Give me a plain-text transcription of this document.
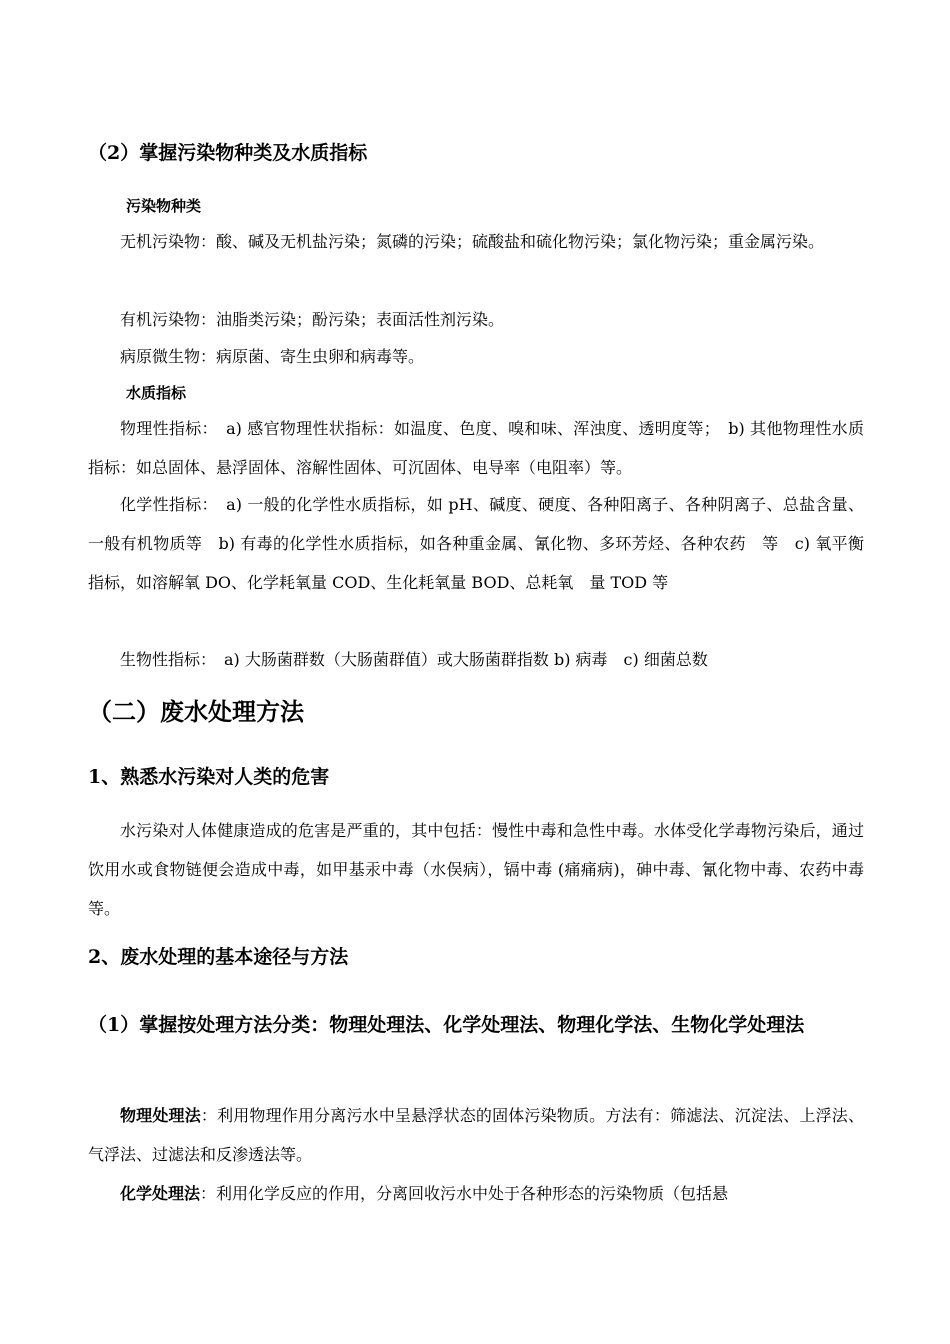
（2）掌握污染物种类及水质指标

污染物种类

无机污染物：酸、碱及无机盐污染；氮磷的污染；硫酸盐和硫化物污染；氯化物污染；重金属污染。

有机污染物：油脂类污染；酚污染；表面活性剂污染。

病原微生物：病原菌、寄生虫卵和病毒等。

水质指标

物理性指标：　a) 感官物理性状指标：如温度、色度、嗅和味、浑浊度、透明度等；　b) 其他物理性水质指标：如总固体、悬浮固体、溶解性固体、可沉固体、电导率（电阻率）等。

化学性指标：　a) 一般的化学性水质指标，如 pH、碱度、硬度、各种阳离子、各种阴离子、总盐含量、一般有机物质等　b) 有毒的化学性水质指标，如各种重金属、氰化物、多环芳烃、各种农药　等　c) 氧平衡指标，如溶解氧 DO、化学耗氧量 COD、生化耗氧量 BOD、总耗氧　量 TOD 等

生物性指标：　a) 大肠菌群数（大肠菌群值）或大肠菌群指数 b) 病毒　c) 细菌总数

（二）废水处理方法

1、熟悉水污染对人类的危害

水污染对人体健康造成的危害是严重的，其中包括：慢性中毒和急性中毒。水体受化学毒物污染后，通过饮用水或食物链便会造成中毒，如甲基汞中毒（水俣病），镉中毒 (痛痛病)，砷中毒、氰化物中毒、农药中毒等。

2、废水处理的基本途径与方法

（1）掌握按处理方法分类：物理处理法、化学处理法、物理化学法、生物化学处理法

物理处理法：利用物理作用分离污水中呈悬浮状态的固体污染物质。方法有：筛滤法、沉淀法、上浮法、气浮法、过滤法和反渗透法等。

化学处理法：利用化学反应的作用，分离回收污水中处于各种形态的污染物质（包括悬
